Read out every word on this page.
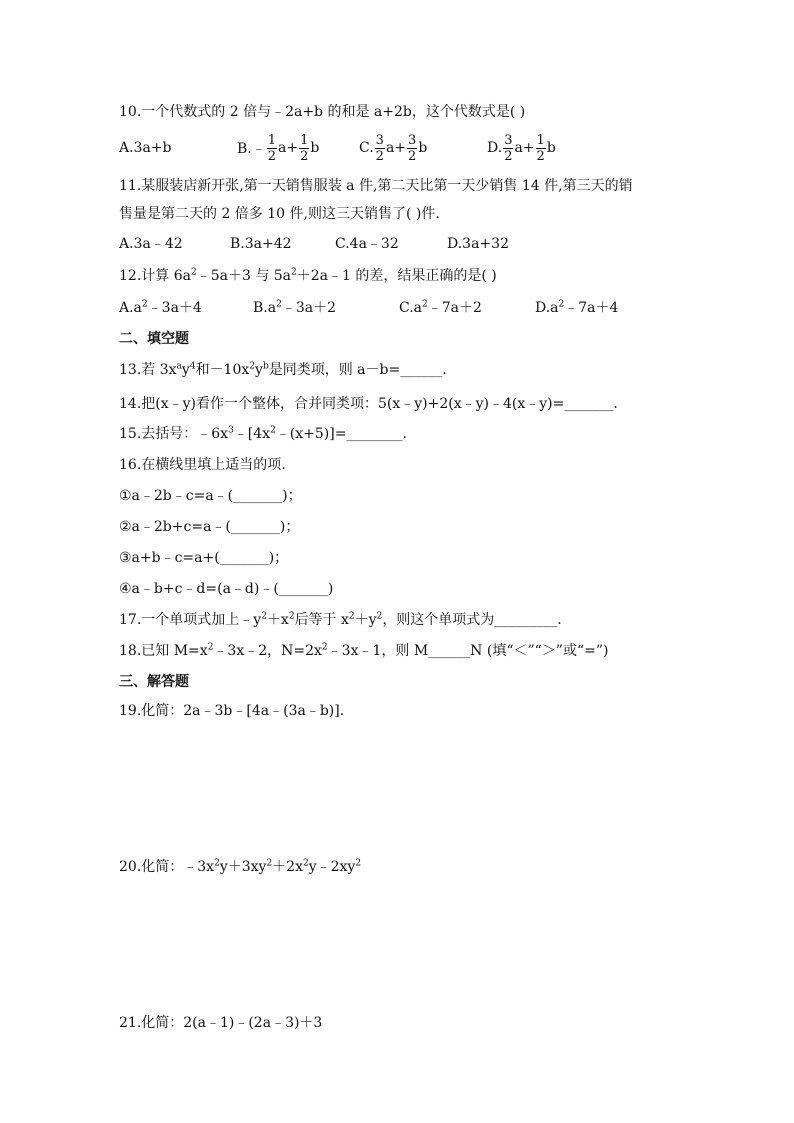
10.一个代数式的 2 倍与﹣2a+b 的和是 a+2b，这个代数式是( )
A.3a+b	B.﹣ $\frac{1}{2} a+ \frac{1}{2}$ b	C. $\frac{3}{2} a+ \frac{3}{2}$ b	D. $\frac{3}{2} a+ \frac{1}{2}$ b
11.某服装店新开张,第一天销售服装 a 件,第二天比第一天少销售 14 件,第三天的销
售量是第二天的 2 倍多 10 件,则这三天销售了( )件.
A.3a﹣42	B.3a+42	C.4a﹣32	D.3a+32
12.计算 $6a^2﹣5a+3$ 与 $5a^2+2a﹣1$ 的差，结果正确的是( )
$A.a^2﹣3a+4$	$B.a^2﹣3a+2$	$C.a^2﹣7a+2$	$D.a^2﹣7a+4$
二、填空题
13.若 $3x^ay^4$和$-10x^2y^b$是同类项，则 a－b=______.
14.把(x﹣y)看作一个整体，合并同类项：5(x﹣y)+2(x﹣y)﹣4(x﹣y)=_______.
15.去括号：$﹣6x^3﹣[4x^2﹣(x+5)]=\_\_\_\_\_\_\_\_$.
16.在横线里填上适当的项.
①a﹣2b﹣c=a﹣(_______)；
②a﹣2b+c=a﹣(_______)；
③a+b﹣c=a+(_______)；
④a﹣b+c﹣d=(a﹣d)﹣(_______)
17.一个单项式加上$﹣y^2+x^2$后等于 $x^2+y^2$，则这个单项式为_________.
18.已知 $M=x^2﹣3x﹣2$，$N=2x^2﹣3x﹣1$，则 M______N (填“＜”“＞”或“=”)
三、解答题
19.化简：2a﹣3b﹣[4a﹣(3a﹣b)].
20.化简：$﹣3x^2y+3xy^2+2x^2y﹣2xy^2$
21.化简：2(a﹣1)﹣(2a﹣3)＋3
